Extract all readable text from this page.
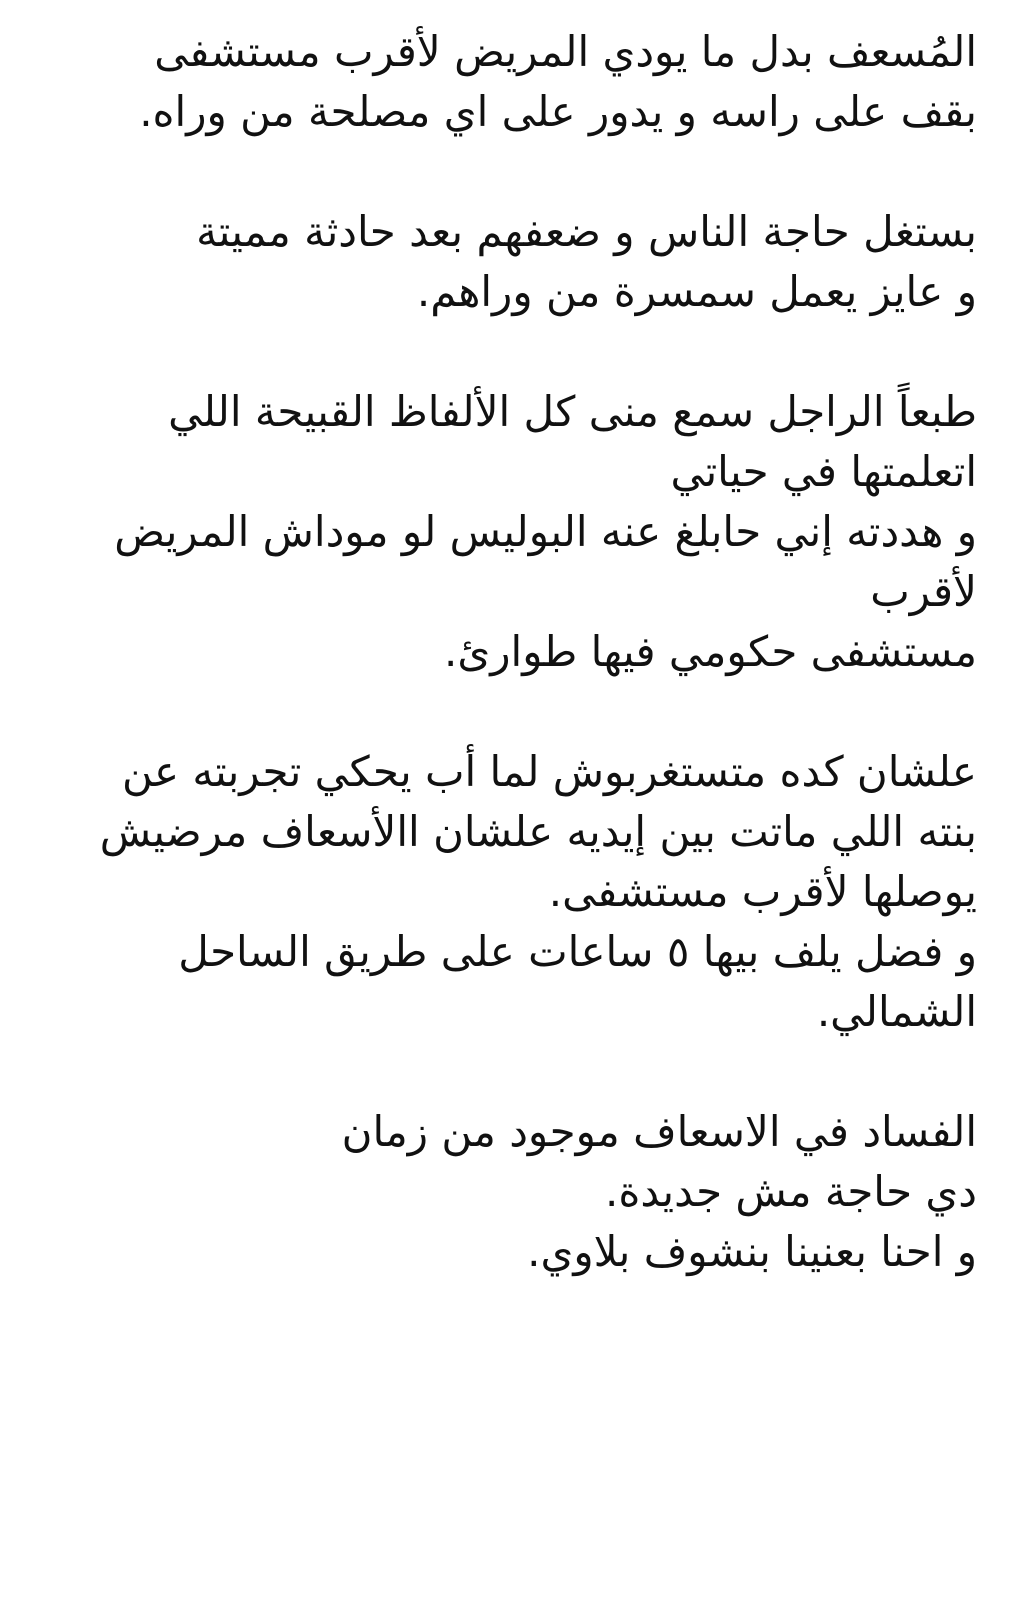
المُسعف بدل ما يودي المريض لأقرب مستشفى
بقف على راسه و يدور على اي مصلحة من وراه.
بستغل حاجة الناس و ضعفهم بعد حادثة مميتة
و عايز يعمل سمسرة من وراهم.
طبعاً الراجل سمع منى كل الألفاظ القبيحة اللي
اتعلمتها في حياتي
و هددته إني حابلغ عنه البوليس لو موداش المريض
لأقرب
مستشفى حكومي فيها طوارئ.
علشان كده متستغربوش لما أب يحكي تجربته عن
بنته اللي ماتت بين إيديه علشان االأسعاف مرضيش
يوصلها لأقرب مستشفى.
و فضل يلف بيها ٥ ساعات على طريق الساحل
الشمالي.
الفساد في الاسعاف موجود من زمان
دي حاجة مش جديدة.
و احنا بعنينا بنشوف بلاوي.
